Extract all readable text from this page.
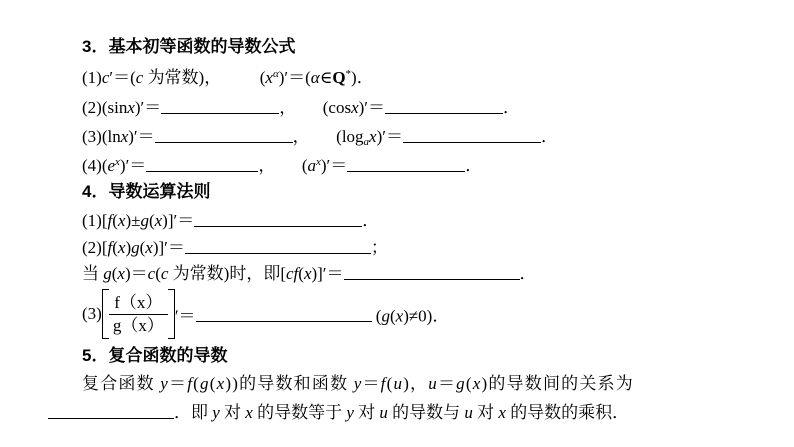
3．基本初等函数的导数公式
(1)c′＝(c 为常数)，  $(x^\alpha)'=(\alpha\in Q^*)$．
(2)(sinx)′＝	，  (cosx)′＝	．
(3)(lnx)′＝	，  $(\log_ax)'=$	．
$(4)(e^x)'=$	，  $(a^x)'=$	．
4．导数运算法则
(1)[f(x)±g(x)]′＝	．
(2)[f(x)g(x)]′＝	；
当 g(x)＝c(c 为常数)时，即[cf(x)]′＝	．
$(3) \frac{f(x)}{g(x)}$ ′＝	(g(x)≠0)．
5．复合函数的导数
复合函数 y＝f(g(x))的导数和函数 y＝f(u)，u＝g(x)的导数间的关系为
．即 y 对 x 的导数等于 y 对 u 的导数与 u 对 x 的导数的乘积．
